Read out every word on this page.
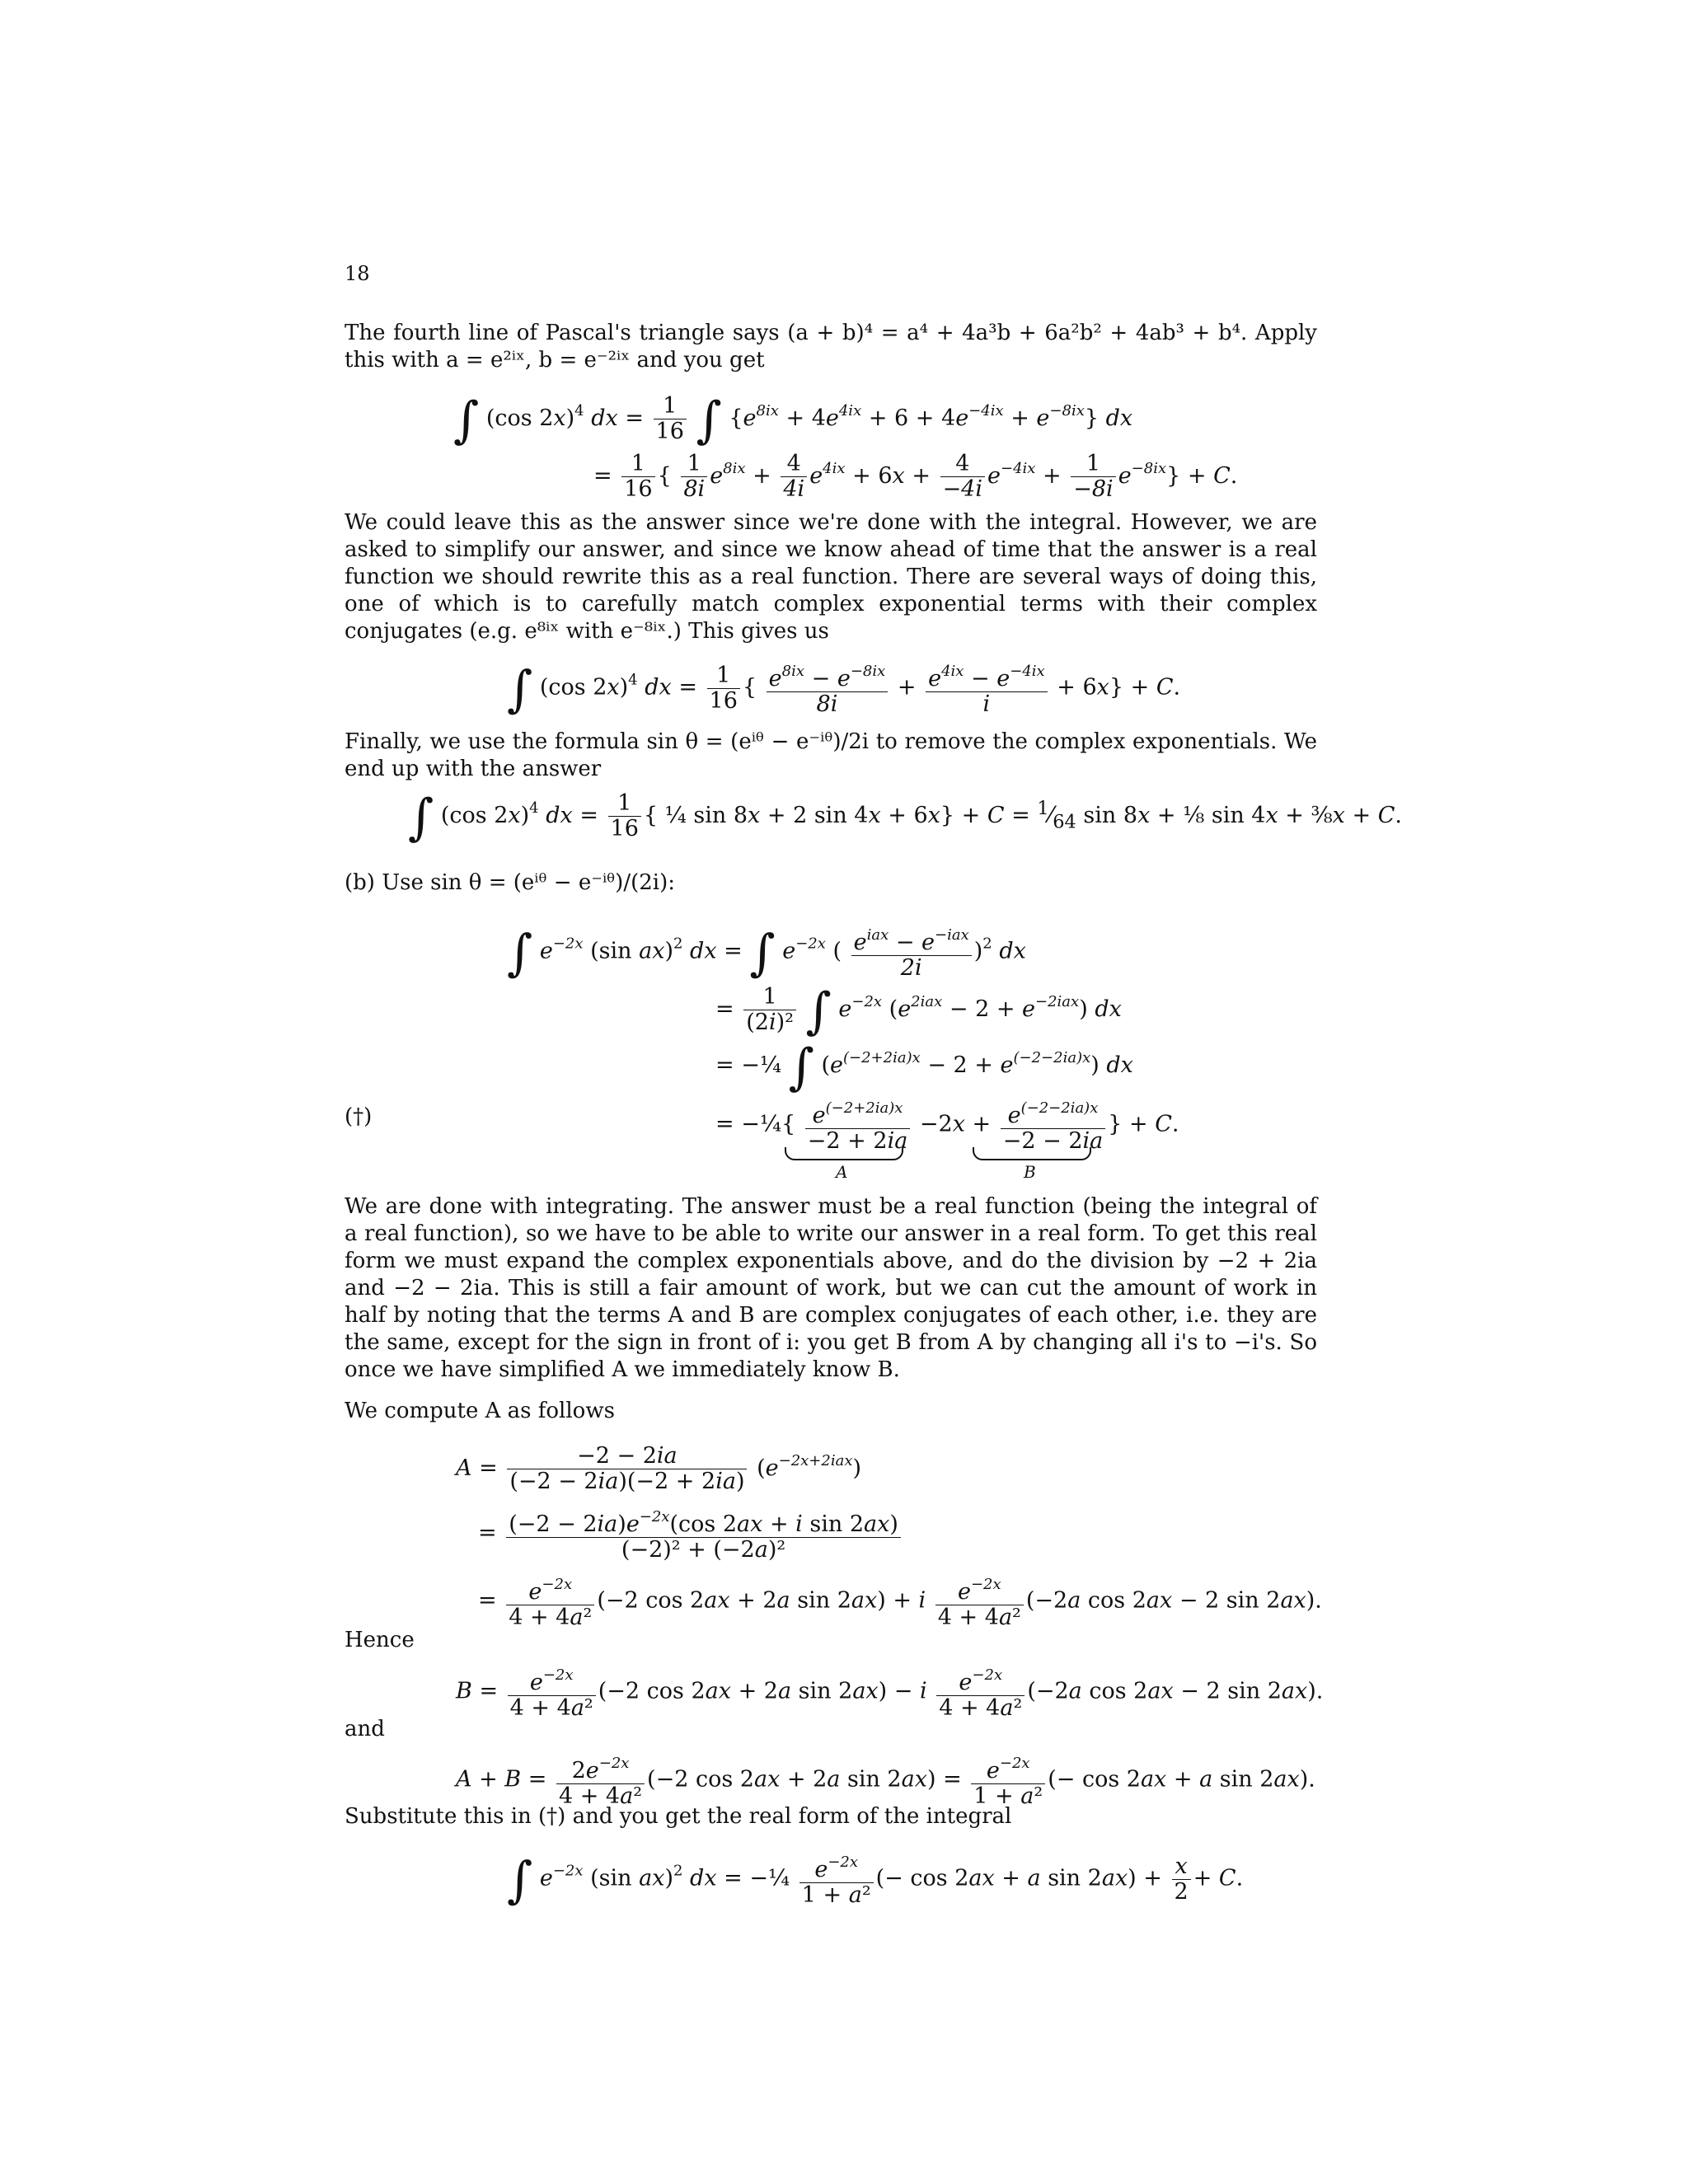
18

The fourth line of Pascal's triangle says (a + b)⁴ = a⁴ + 4a³b + 6a²b² + 4ab³ + b⁴. Apply this with a = e²ⁱˣ, b = e⁻²ⁱˣ and you get

∫ (cos 2x)$^4$ dx = $\frac{1}{16}$ ∫ $\{e^{8ix} + 4e^{4ix} + 6 + 4e^{-4ix} + e^{-8ix}\}$ dx
= $\frac{1}{16}$ { $\frac{1}{8i} e^{8ix} + \frac{4}{4i} e^{4ix} + 6x + \frac{4}{-4i} e^{-4ix} + \frac{1}{-8i} e^{-8ix}\} + C$.

We could leave this as the answer since we're done with the integral. However, we are asked to simplify our answer, and since we know ahead of time that the answer is a real function we should rewrite this as a real function. There are several ways of doing this, one of which is to carefully match complex exponential terms with their complex conjugates (e.g. e⁸ⁱˣ with e⁻⁸ⁱˣ.) This gives us

∫ (cos 2x)$^4$ dx = $\frac{1}{16}$ { $\frac{e^{8ix} - e^{-8ix}}{8i} + \frac{e^{4ix} - e^{-4ix}}{i} + 6x\} + C$.

Finally, we use the formula sin θ = (eⁱᶿ − e⁻ⁱᶿ)/2i to remove the complex exponentials. We end up with the answer

∫ (cos 2x)$^4$ dx = $\frac{1}{16}$ { ¼ sin 8x + 2 $\sin 4x + 6x\} + C = ^1⁄_{64}$ sin 8x + ⅛ sin 4x + ⅜x + C.

(b) Use sin θ = (eⁱᶿ − e⁻ⁱᶿ)/(2i):

∫ $e^{-2x}$ (sin ax)$^2$ dx = ∫ $e^{-2x}$ ( $\frac{e^{iax} - e^{-iax}}{2i} )^2$ dx
= $\frac{1}{\text{(2i)²}}$ ∫ $e^{-2x}$ $(e^{2iax} - 2 + e^{-2iax})$ dx
= −¼ ∫ $(e^{(-2+2ia)x} - 2 + e^{(-2-2ia)x})$ dx
(†)	= −¼{ $\frac{e^{(-2+2ia)x}}{-2 + 2ia} -2x + \frac{e^{(-2-2ia)x}}{-2 - 2ia}$ } + C.
A	B

We are done with integrating. The answer must be a real function (being the integral of a real function), so we have to be able to write our answer in a real form. To get this real form we must expand the complex exponentials above, and do the division by −2 + 2ia and −2 − 2ia. This is still a fair amount of work, but we can cut the amount of work in half by noting that the terms A and B are complex conjugates of each other, i.e. they are the same, except for the sign in front of i: you get B from A by changing all i's to −i's. So once we have simplified A we immediately know B.

We compute A as follows

$A = \frac{-2 - 2ia}{(-2 - 2ia)(-2 + 2ia)} (e^{-2x+2iax})$
= $\frac{(-2 - 2ia)e^{-2x}(\cos 2ax + i \sin 2ax)}{\text{(−2)² + (−2a)²}}$
= $\frac{e^{-2x}}{\text{4 + 4a²}} (-2$ cos 2ax + 2a sin 2ax) + i $\frac{e^{-2x}}{\text{4 + 4a²}} (-2a$ cos 2ax − 2 sin 2ax).
Hence
$B = \frac{e^{-2x}}{\text{4 + 4a²}} (-2$ cos 2ax + 2a sin 2ax) − i $\frac{e^{-2x}}{\text{4 + 4a²}} (-2a$ cos 2ax − 2 sin 2ax).
and
$A + B = \frac{2e^{-2x}}{\text{4 + 4a²}} (-2$ cos 2ax + 2a $\sin 2ax) = \frac{e^{-2x}}{\text{1 + a²}}$ (− cos 2ax + a sin 2ax).

Substitute this in (†) and you get the real form of the integral

∫ $e^{-2x}$ (sin ax)$^2$ dx = −¼ $\frac{e^{-2x}}{\text{1 + a²}}$ (− cos 2ax + a $\sin 2ax) + \frac{x}{2} + C$.
